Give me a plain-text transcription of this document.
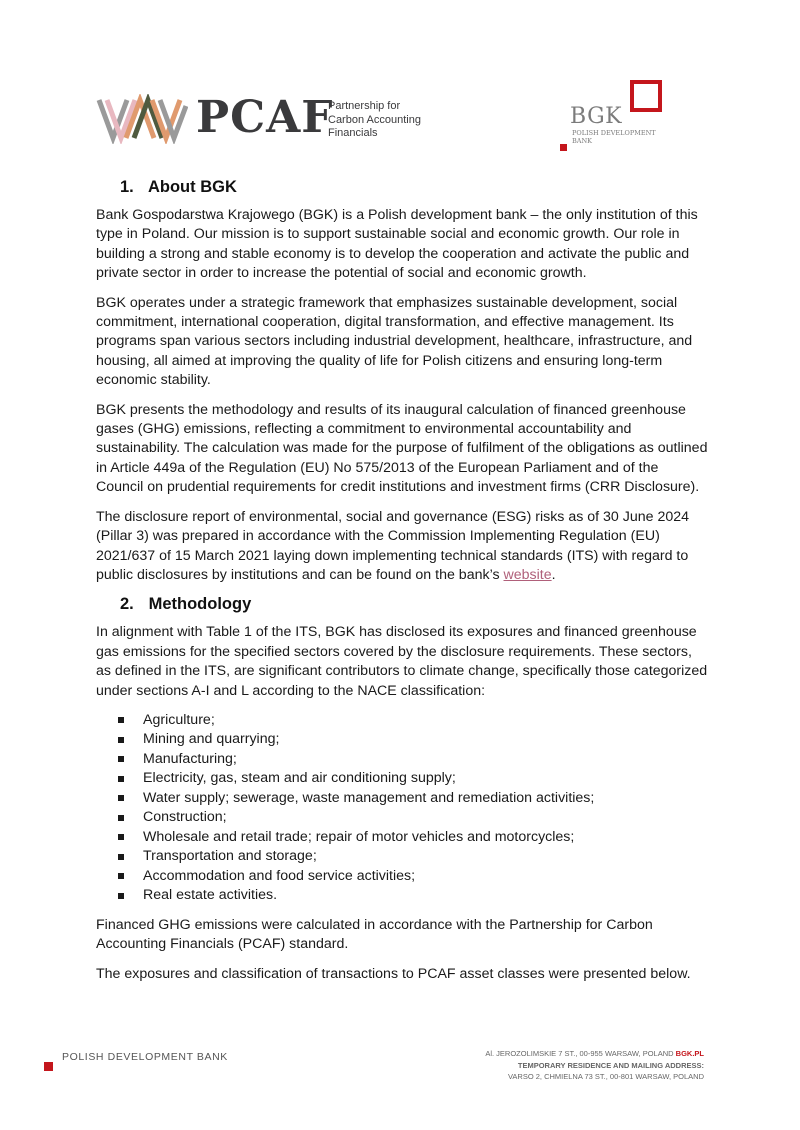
PCAF
Partnership for
Carbon Accounting
Financials
BGK
POLISH DEVELOPMENT BANK
1. About BGK

Bank Gospodarstwa Krajowego (BGK) is a Polish development bank – the only institution of this type in Poland. Our mission is to support sustainable social and economic growth. Our role in building a strong and stable economy is to develop the cooperation and activate the public and private sector in order to increase the potential of social and economic growth.

BGK operates under a strategic framework that emphasizes sustainable development, social commitment, international cooperation, digital transformation, and effective management. Its programs span various sectors including industrial development, healthcare, infrastructure, and housing, all aimed at improving the quality of life for Polish citizens and ensuring long-term economic stability.

BGK presents the methodology and results of its inaugural calculation of financed greenhouse gases (GHG) emissions, reflecting a commitment to environmental accountability and sustainability. The calculation was made for the purpose of fulfilment of the obligations as outlined in Article 449a of the Regulation (EU) No 575/2013 of the European Parliament and of the Council on prudential requirements for credit institutions and investment firms (CRR Disclosure).

The disclosure report of environmental, social and governance (ESG) risks as of 30 June 2024 (Pillar 3) was prepared in accordance with the Commission Implementing Regulation (EU) 2021/637 of 15 March 2021 laying down implementing technical standards (ITS) with regard to public disclosures by institutions and can be found on the bank’s website.

2. Methodology

In alignment with Table 1 of the ITS, BGK has disclosed its exposures and financed greenhouse gas emissions for the specified sectors covered by the disclosure requirements. These sectors, as defined in the ITS, are significant contributors to climate change, specifically those categorized under sections A-I and L according to the NACE classification:

Agriculture;
Mining and quarrying;
Manufacturing;
Electricity, gas, steam and air conditioning supply;
Water supply; sewerage, waste management and remediation activities;
Construction;
Wholesale and retail trade; repair of motor vehicles and motorcycles;
Transportation and storage;
Accommodation and food service activities;
Real estate activities.

Financed GHG emissions were calculated in accordance with the Partnership for Carbon Accounting Financials (PCAF) standard.

The exposures and classification of transactions to PCAF asset classes were presented below.

POLISH DEVELOPMENT BANK	Al. JEROZOLIMSKIE 7 ST., 00-955 WARSAW, POLAND BGK.PL
TEMPORARY RESIDENCE AND MAILING ADDRESS:
VARSO 2, CHMIELNA 73 ST., 00-801 WARSAW, POLAND
